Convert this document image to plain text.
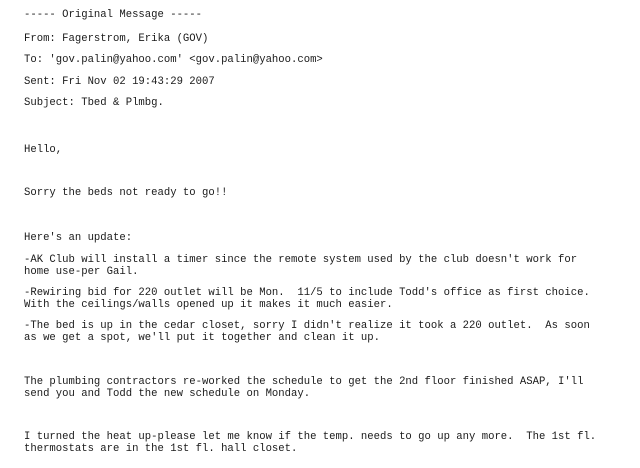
----- Original Message -----

From: Fagerstrom, Erika (GOV)

To: 'gov.palin@yahoo.com' <gov.palin@yahoo.com>

Sent: Fri Nov 02 19:43:29 2007

Subject: Tbed & Plmbg.

Hello,

Sorry the beds not ready to go!!

Here's an update:

-AK Club will install a timer since the remote system used by the club doesn't work for

home use-per Gail.

-Rewiring bid for 220 outlet will be Mon.  11/5 to include Todd's office as first choice.

With the ceilings/walls opened up it makes it much easier.

-The bed is up in the cedar closet, sorry I didn't realize it took a 220 outlet.  As soon

as we get a spot, we'll put it together and clean it up.

The plumbing contractors re-worked the schedule to get the 2nd floor finished ASAP, I'll

send you and Todd the new schedule on Monday.

I turned the heat up-please let me know if the temp. needs to go up any more.  The 1st fl.

thermostats are in the 1st fl. hall closet.
